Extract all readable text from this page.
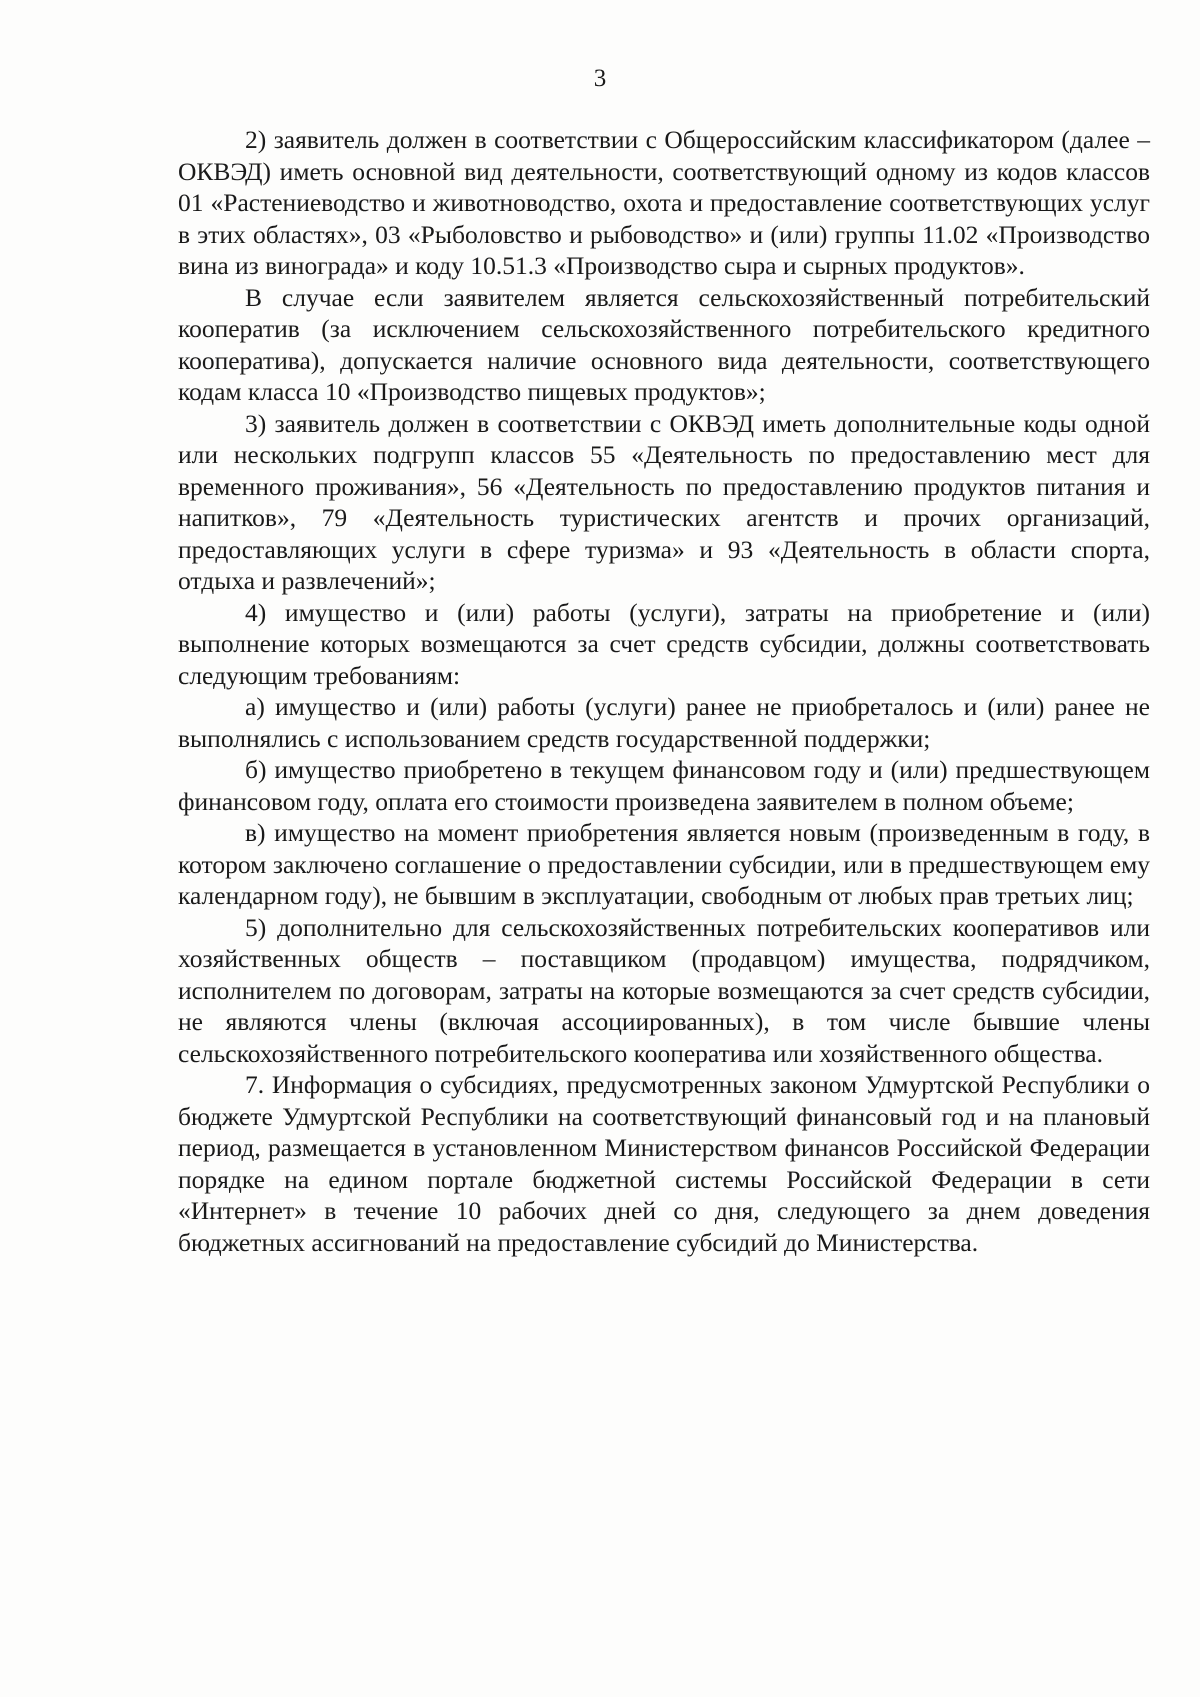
3

2) заявитель должен в соответствии с Общероссийским классификатором (далее – ОКВЭД) иметь основной вид деятельности, соответствующий одному из кодов классов 01 «Растениеводство и животноводство, охота и предоставление соответствующих услуг в этих областях», 03 «Рыболовство и рыбоводство» и (или) группы 11.02 «Производство вина из винограда» и коду 10.51.3 «Производство сыра и сырных продуктов».

В случае если заявителем является сельскохозяйственный потребительский кооператив (за исключением сельскохозяйственного потребительского кредитного кооператива), допускается наличие основного вида деятельности, соответствующего кодам класса 10 «Производство пищевых продуктов»;

3) заявитель должен в соответствии с ОКВЭД иметь дополнительные коды одной или нескольких подгрупп классов 55 «Деятельность по предоставлению мест для временного проживания», 56 «Деятельность по предоставлению продуктов питания и напитков», 79 «Деятельность туристических агентств и прочих организаций, предоставляющих услуги в сфере туризма» и 93 «Деятельность в области спорта, отдыха и развлечений»;

4) имущество и (или) работы (услуги), затраты на приобретение и (или) выполнение которых возмещаются за счет средств субсидии, должны соответствовать следующим требованиям:

а) имущество и (или) работы (услуги) ранее не приобреталось и (или) ранее не выполнялись с использованием средств государственной поддержки;

б) имущество приобретено в текущем финансовом году и (или) предшествующем финансовом году, оплата его стоимости произведена заявителем в полном объеме;

в) имущество на момент приобретения является новым (произведенным в году, в котором заключено соглашение о предоставлении субсидии, или в предшествующем ему календарном году), не бывшим в эксплуатации, свободным от любых прав третьих лиц;

5) дополнительно для сельскохозяйственных потребительских кооперативов или хозяйственных обществ – поставщиком (продавцом) имущества, подрядчиком, исполнителем по договорам, затраты на которые возмещаются за счет средств субсидии, не являются члены (включая ассоциированных), в том числе бывшие члены сельскохозяйственного потребительского кооператива или хозяйственного общества.

7. Информация о субсидиях, предусмотренных законом Удмуртской Республики о бюджете Удмуртской Республики на соответствующий финансовый год и на плановый период, размещается в установленном Министерством финансов Российской Федерации порядке на едином портале бюджетной системы Российской Федерации в сети «Интернет» в течение 10 рабочих дней со дня, следующего за днем доведения бюджетных ассигнований на предоставление субсидий до Министерства.
